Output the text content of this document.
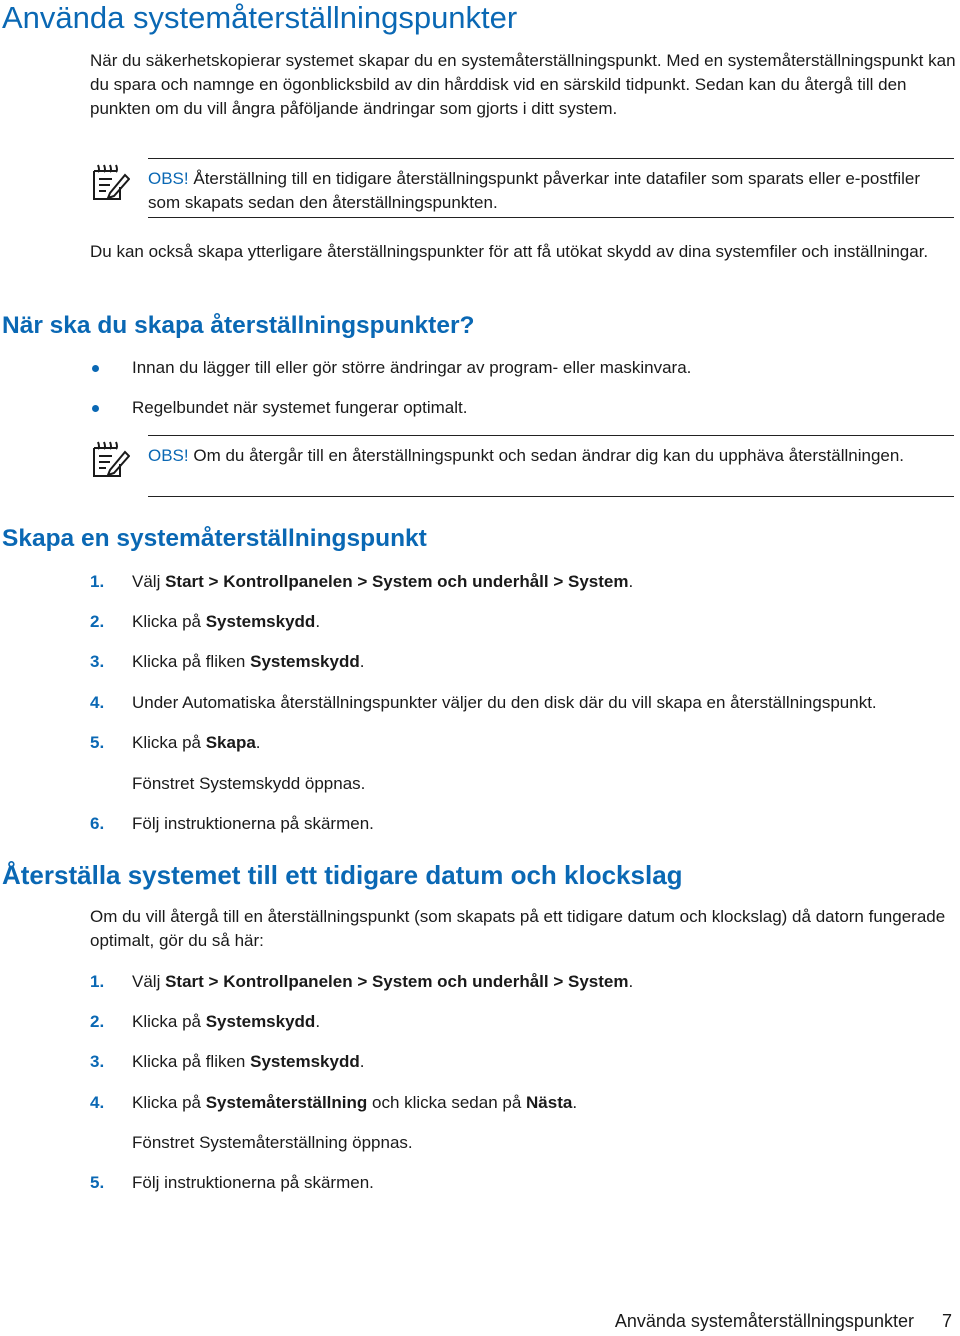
Använda systemåterställningspunkter

När du säkerhetskopierar systemet skapar du en systemåterställningspunkt. Med en systemåterställningspunkt kan du spara och namnge en ögonblicksbild av din hårddisk vid en särskild tidpunkt. Sedan kan du återgå till den punkten om du vill ångra påföljande ändringar som gjorts i ditt system.

OBS! Återställning till en tidigare återställningspunkt påverkar inte datafiler som sparats eller e-postfiler som skapats sedan den återställningspunkten.

Du kan också skapa ytterligare återställningspunkter för att få utökat skydd av dina systemfiler och inställningar.

När ska du skapa återställningspunkter?
Innan du lägger till eller gör större ändringar av program- eller maskinvara.
Regelbundet när systemet fungerar optimalt.

OBS! Om du återgår till en återställningspunkt och sedan ändrar dig kan du upphäva återställningen.

Skapa en systemåterställningspunkt
1. Välj Start > Kontrollpanelen > System och underhåll > System.
2. Klicka på Systemskydd.
3. Klicka på fliken Systemskydd.
4. Under Automatiska återställningspunkter väljer du den disk där du vill skapa en återställningspunkt.
5. Klicka på Skapa.
Fönstret Systemskydd öppnas.
6. Följ instruktionerna på skärmen.
Återställa systemet till ett tidigare datum och klockslag

Om du vill återgå till en återställningspunkt (som skapats på ett tidigare datum och klockslag) då datorn fungerade optimalt, gör du så här:

1. Välj Start > Kontrollpanelen > System och underhåll > System.
2. Klicka på Systemskydd.
3. Klicka på fliken Systemskydd.
4. Klicka på Systemåterställning och klicka sedan på Nästa.
Fönstret Systemåterställning öppnas.
5. Följ instruktionerna på skärmen.
Använda systemåterställningspunkter 7
